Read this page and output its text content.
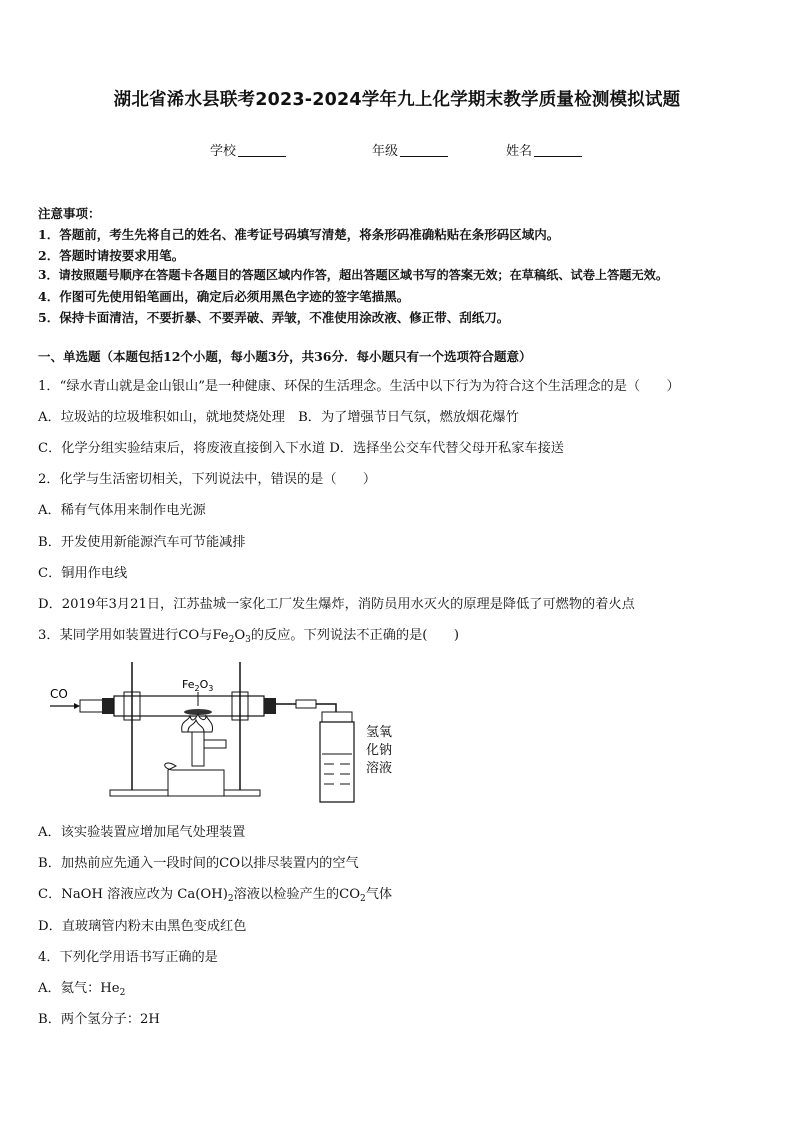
湖北省浠水县联考2023-2024学年九上化学期末教学质量检测模拟试题
学校	年级	姓名
注意事项：
1．答题前，考生先将自己的姓名、准考证号码填写清楚，将条形码准确粘贴在条形码区域内。
2．答题时请按要求用笔。
3．请按照题号顺序在答题卡各题目的答题区域内作答，超出答题区域书写的答案无效；在草稿纸、试卷上答题无效。
4．作图可先使用铅笔画出，确定后必须用黑色字迹的签字笔描黑。
5．保持卡面清洁，不要折暴、不要弄破、弄皱，不准使用涂改液、修正带、刮纸刀。
一、单选题（本题包括12个小题，每小题3分，共36分．每小题只有一个选项符合题意）
1．“绿水青山就是金山银山”是一种健康、环保的生活理念。生活中以下行为为符合这个生活理念的是（　　）
A．垃圾站的垃圾堆积如山，就地焚烧处理　B．为了增强节日气氛，燃放烟花爆竹
C．化学分组实验结束后，将废液直接倒入下水道 D．选择坐公交车代替父母开私家车接送
2．化学与生活密切相关，下列说法中，错误的是（　　）
A．稀有气体用来制作电光源
B．开发使用新能源汽车可节能减排
C．铜用作电线
D．2019年3月21日，江苏盐城一家化工厂发生爆炸，消防员用水灭火的原理是降低了可燃物的着火点
3．某同学用如装置进行CO与$Fe_2O_3$的反应。下列说法不正确的是(　　)
CO
$Fe_2O_3$
氢氧
化钠
溶液
A．该实验装置应增加尾气处理装置
B．加热前应先通入一段时间的CO以排尽装置内的空气
C．NaOH 溶液应改为 $Ca(OH)_2$溶液以检验产生的$CO_2$气体
D．直玻璃管内粉末由黑色变成红色
4．下列化学用语书写正确的是
A．氦气：$He_2$
B．两个氢分子：2H
